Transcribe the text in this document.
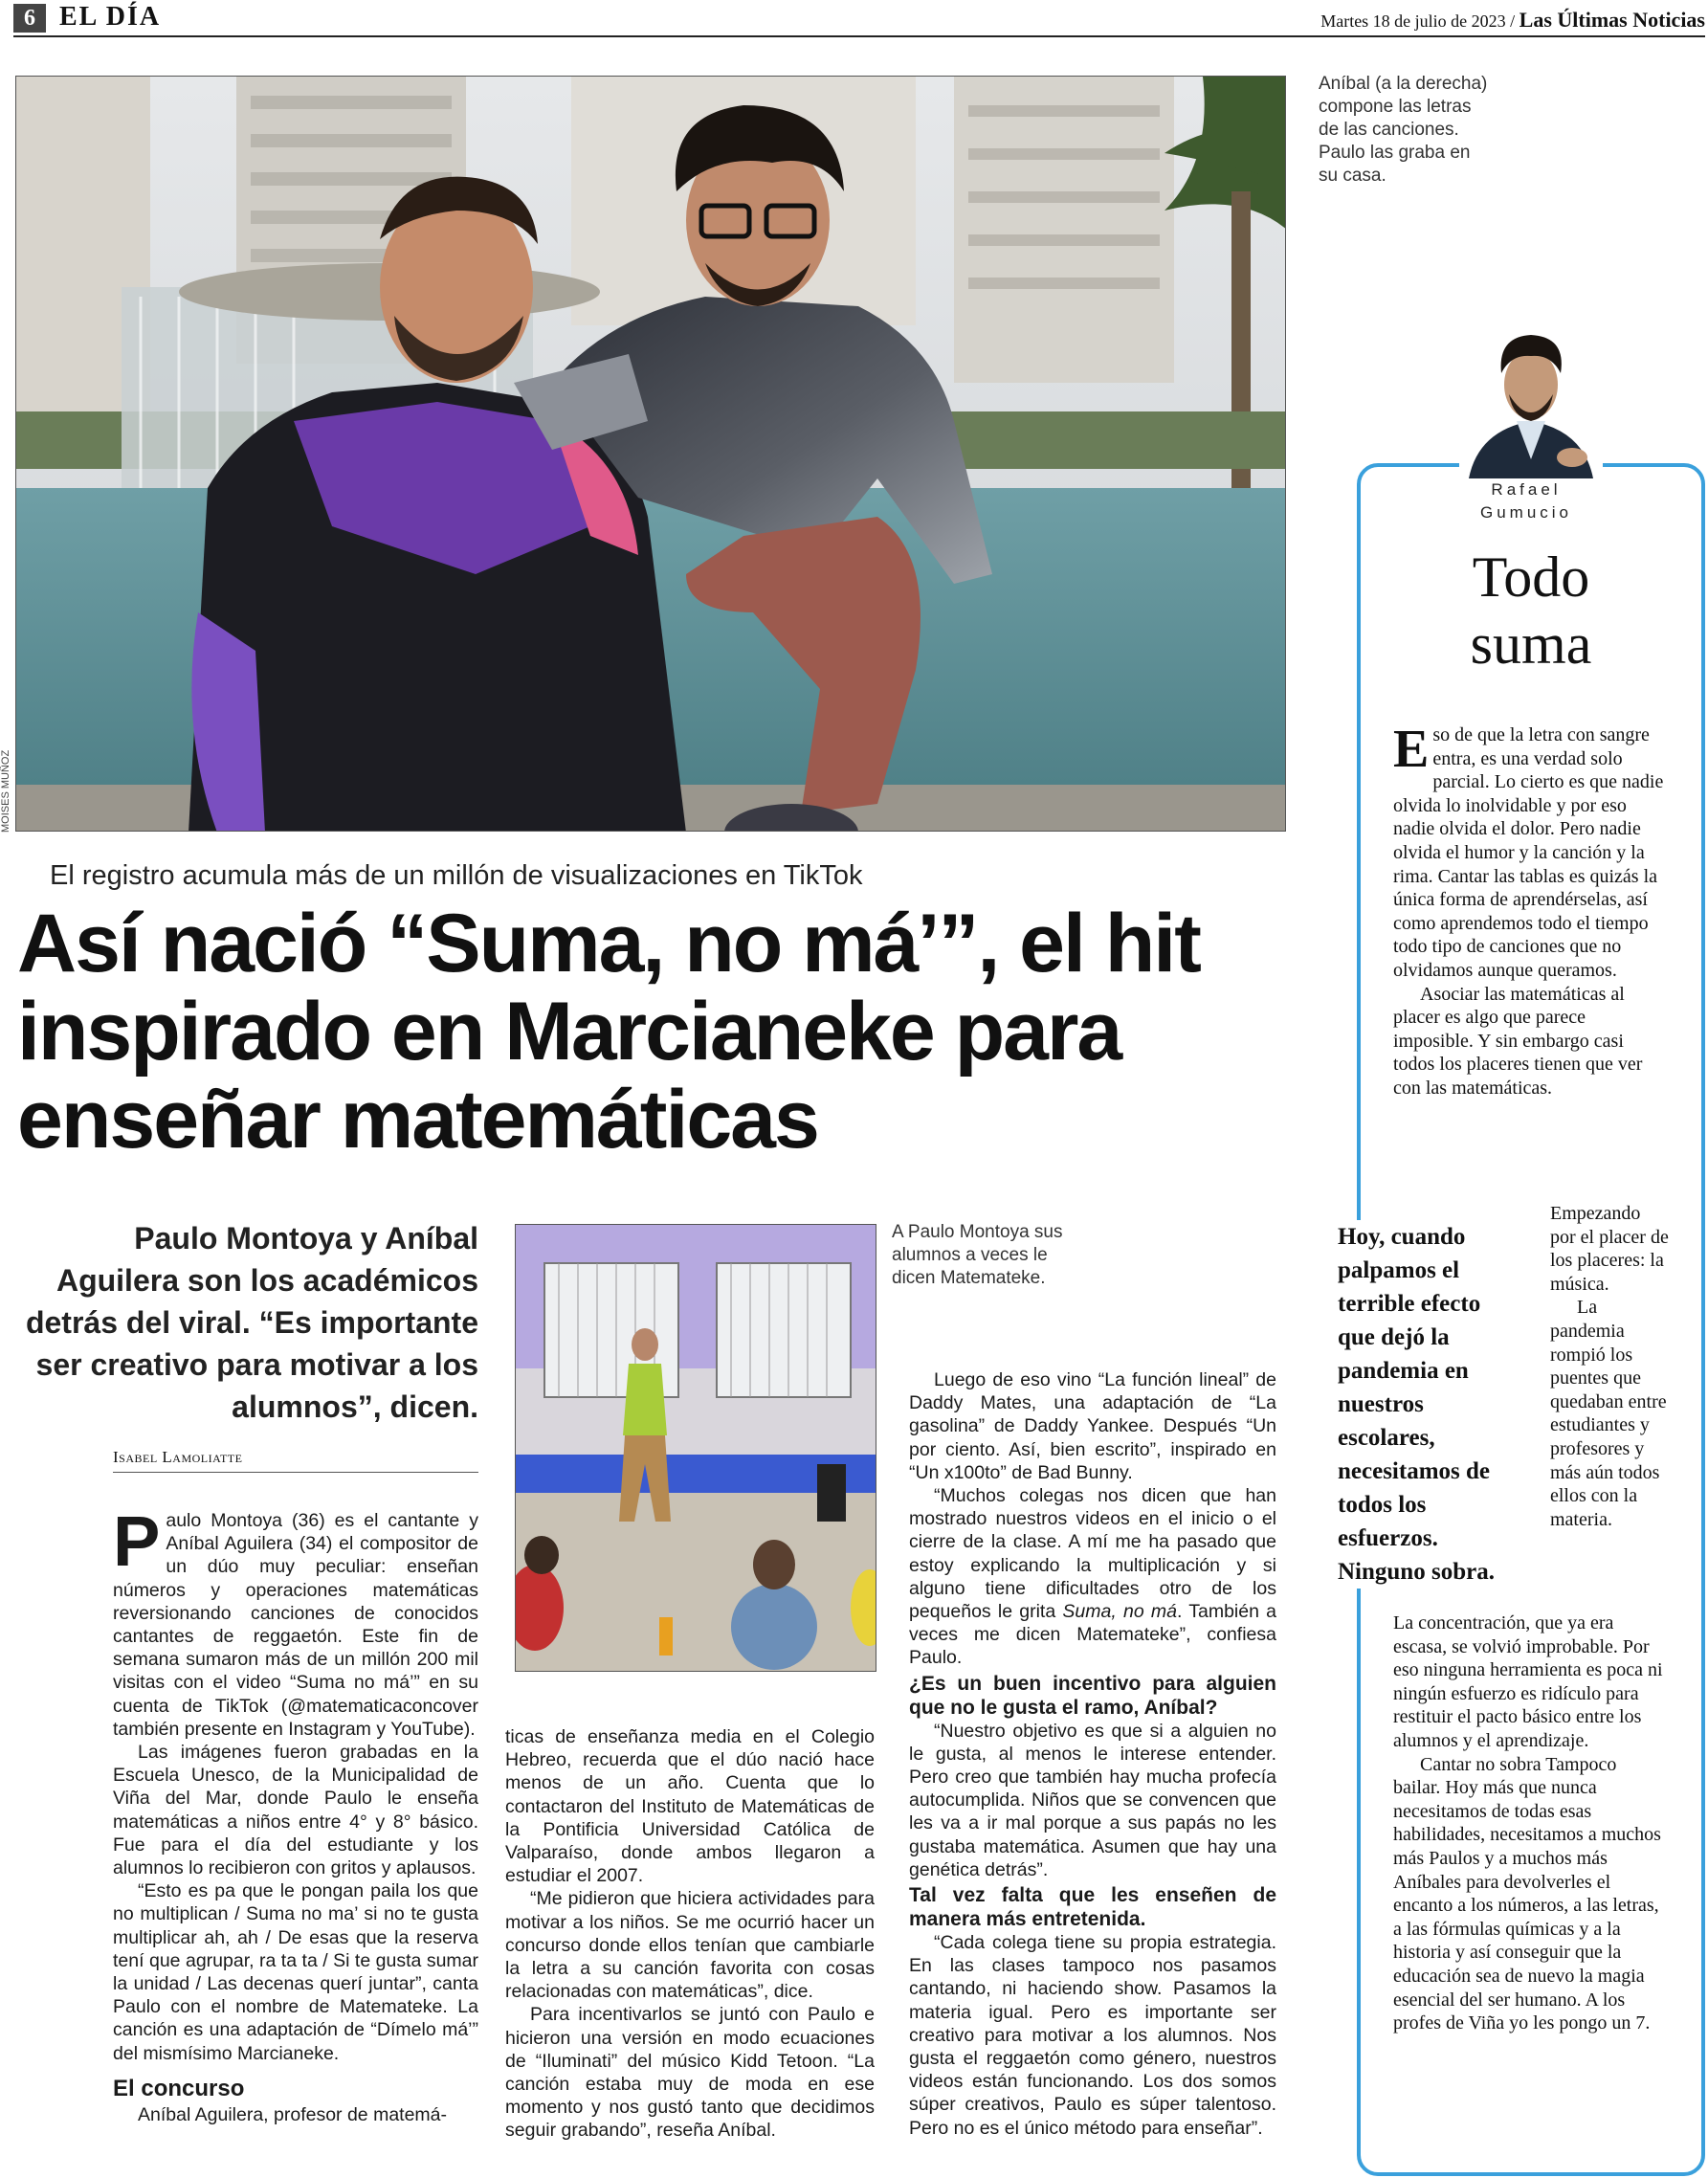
6 EL DÍA	Martes 18 de julio de 2023 / Las Últimas Noticias
MOISES MUÑOZ
Aníbal (a la derecha) compone las letras de las canciones. Paulo las graba en su casa.
El registro acumula más de un millón de visualizaciones en TikTok
Así nació “Suma, no má’”, el hit inspirado en Marcianeke para enseñar matemáticas
Paulo Montoya y Aníbal Aguilera son los académicos detrás del viral. “Es importante ser creativo para motivar a los alumnos”, dicen.
Isabel Lamoliatte
A Paulo Montoya sus alumnos a veces le dicen Matemateke.

Paulo Montoya (36) es el cantante y Aníbal Aguilera (34) el compositor de un dúo muy peculiar: enseñan números y operaciones matemáticas reversionando canciones de conocidos cantantes de reggaetón. Este fin de semana sumaron más de un millón 200 mil visitas con el video “Suma no má’” en su cuenta de TikTok (@matematicaconcover también presente en Instagram y YouTube).

Las imágenes fueron grabadas en la Escuela Unesco, de la Municipalidad de Viña del Mar, donde Paulo le enseña matemáticas a niños entre 4° y 8° básico. Fue para el día del estudiante y los alumnos lo recibieron con gritos y aplausos.

“Esto es pa que le pongan paila los que no multiplican / Suma no ma’ si no te gusta multiplicar ah, ah / De esas que la reserva tení que agrupar, ra ta ta / Si te gusta sumar la unidad / Las decenas querí juntar”, canta Paulo con el nombre de Matemateke. La canción es una adaptación de “Dímelo má’” del mismísimo Marcianeke.

El concurso

Aníbal Aguilera, profesor de matemá-

ticas de enseñanza media en el Colegio Hebreo, recuerda que el dúo nació hace menos de un año. Cuenta que lo contactaron del Instituto de Matemáticas de la Pontificia Universidad Católica de Valparaíso, donde ambos llegaron a estudiar el 2007.

“Me pidieron que hiciera actividades para motivar a los niños. Se me ocurrió hacer un concurso donde ellos tenían que cambiarle la letra a su canción favorita con cosas relacionadas con matemáticas”, dice.

Para incentivarlos se juntó con Paulo e hicieron una versión en modo ecuaciones de “Iluminati” del músico Kidd Tetoon. “La canción estaba muy de moda en ese momento y nos gustó tanto que decidimos seguir grabando”, reseña Aníbal.

Luego de eso vino “La función lineal” de Daddy Mates, una adaptación de “La gasolina” de Daddy Yankee. Después “Un por ciento. Así, bien escrito”, inspirado en “Un x100to” de Bad Bunny.

“Muchos colegas nos dicen que han mostrado nuestros videos en el inicio o el cierre de la clase. A mí me ha pasado que estoy explicando la multiplicación y si alguno tiene dificultades otro de los pequeños le grita Suma, no má. También a veces me dicen Matemateke”, confiesa Paulo.

¿Es un buen incentivo para alguien que no le gusta el ramo, Aníbal?

“Nuestro objetivo es que si a alguien no le gusta, al menos le interese entender. Pero creo que también hay mucha profecía autocumplida. Niños que se convencen que les va a ir mal porque a sus papás no les gustaba matemática. Asumen que hay una genética detrás”.

Tal vez falta que les enseñen de manera más entretenida.

“Cada colega tiene su propia estrategia. En las clases tampoco nos pasamos cantando, ni haciendo show. Pasamos la materia igual. Pero es importante ser creativo para motivar a los alumnos. Nos gusta el reggaetón como género, nuestros videos están funcionando. Los dos somos súper creativos, Paulo es súper talentoso. Pero no es el único método para enseñar”.

Rafael
Gumucio
Todo
suma

Eso de que la letra con sangre entra, es una verdad solo parcial. Lo cierto es que nadie olvida lo inolvidable y por eso nadie olvida el dolor. Pero nadie olvida el humor y la canción y la rima. Cantar las tablas es quizás la única forma de aprendérselas, así como aprendemos todo el tiempo todo tipo de canciones que no olvidamos aunque queramos.

Asociar las matemáticas al placer es algo que parece imposible. Y sin embargo casi todos los placeres tienen que ver con las matemáticas.

Empezando por el placer de los placeres: la música.

La pandemia rompió los puentes que quedaban entre estudiantes y profesores y más aún todos ellos con la materia.

Hoy, cuando palpamos el terrible efecto que dejó la pandemia en nuestros escolares, necesitamos de todos los esfuerzos. Ninguno sobra.

La concentración, que ya era escasa, se volvió improbable. Por eso ninguna herramienta es poca ni ningún esfuerzo es ridículo para restituir el pacto básico entre los alumnos y el aprendizaje.

Cantar no sobra Tampoco bailar. Hoy más que nunca necesitamos de todas esas habilidades, necesitamos a muchos más Paulos y a muchos más Aníbales para devolverles el encanto a los números, a las letras, a las fórmulas químicas y a la historia y así conseguir que la educación sea de nuevo la magia esencial del ser humano. A los profes de Viña yo les pongo un 7.
